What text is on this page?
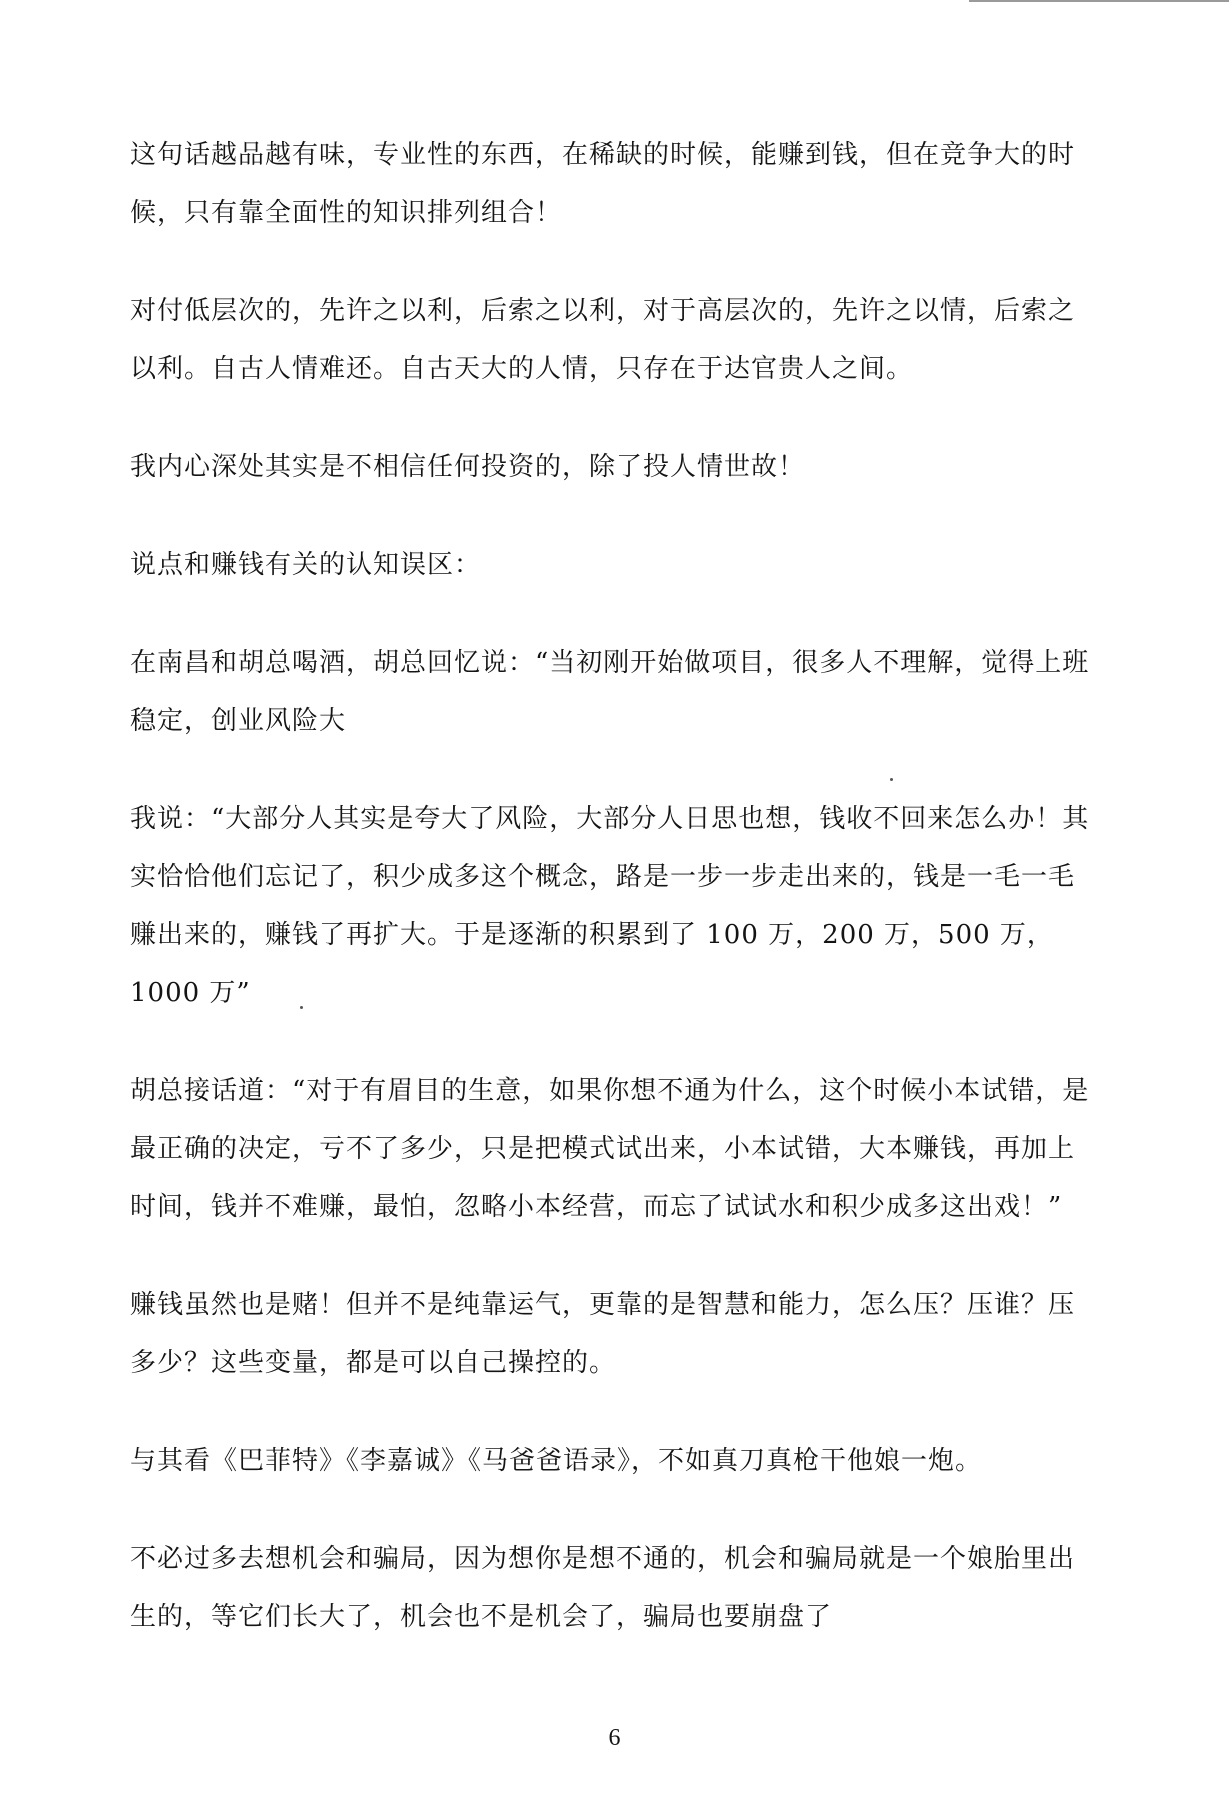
这句话越品越有味，专业性的东西，在稀缺的时候，能赚到钱，但在竞争大的时候，只有靠全面性的知识排列组合！

对付低层次的，先许之以利，后索之以利，对于高层次的，先许之以情，后索之以利。自古人情难还。自古天大的人情，只存在于达官贵人之间。

我内心深处其实是不相信任何投资的，除了投人情世故！

说点和赚钱有关的认知误区：

在南昌和胡总喝酒，胡总回忆说：“当初刚开始做项目，很多人不理解，觉得上班稳定，创业风险大

我说：“大部分人其实是夸大了风险，大部分人日思也想，钱收不回来怎么办！其实恰恰他们忘记了，积少成多这个概念，路是一步一步走出来的，钱是一毛一毛赚出来的，赚钱了再扩大。于是逐渐的积累到了 100 万，200 万，500 万，1000 万”

胡总接话道：“对于有眉目的生意，如果你想不通为什么，这个时候小本试错，是最正确的决定，亏不了多少，只是把模式试出来，小本试错，大本赚钱，再加上时间，钱并不难赚，最怕，忽略小本经营，而忘了试试水和积少成多这出戏！”

赚钱虽然也是赌！但并不是纯靠运气，更靠的是智慧和能力，怎么压？压谁？压多少？这些变量，都是可以自己操控的。

与其看《巴菲特》《李嘉诚》《马爸爸语录》，不如真刀真枪干他娘一炮。

不必过多去想机会和骗局，因为想你是想不通的，机会和骗局就是一个娘胎里出生的，等它们长大了，机会也不是机会了，骗局也要崩盘了

6
